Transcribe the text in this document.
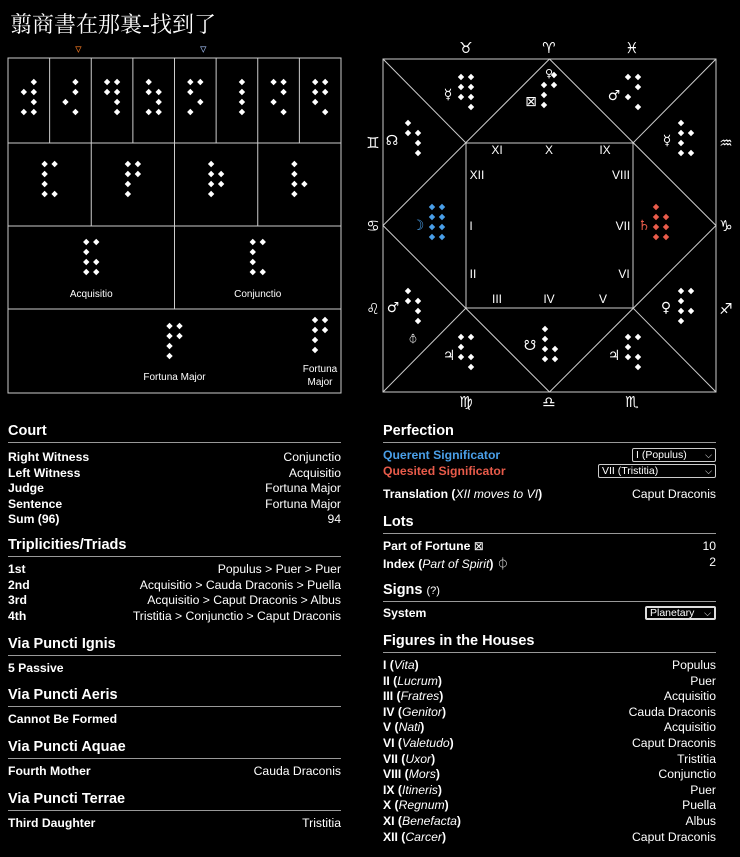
翦商書在那裏-找到了
▿	▿
Acquisitio	Conjunctio
Fortuna Major
Fortuna
Major
♉	♈	♓
♍	♎	♏
♊
♋
♌
♒
♑
♐
I
II
III	IV	V
VI
VII
VIII
IX
X
XI
XII
☽
♂
⦽
♃
☋
♃
♀
♄
☿
♂
⊠
♀
☿
☊
Court
Right Witness	Conjunctio
Left Witness	Acquisitio
Judge	Fortuna Major
Sentence	Fortuna Major
Sum (96)	94
Triplicities/Triads
1st	Populus > Puer > Puer
2nd	Acquisitio > Cauda Draconis > Puella
3rd	Acquisitio > Caput Draconis > Albus
4th	Tristitia > Conjunctio > Caput Draconis
Via Puncti Ignis
5 Passive
Via Puncti Aeris
Cannot Be Formed
Via Puncti Aquae
Fourth Mother	Cauda Draconis
Via Puncti Terrae
Third Daughter	Tristitia
Perfection
Querent Significator	I (Populus) ⌵
Quesited Significator	VII (Tristitia)	⌵
Translation (XII moves to VI)	Caput Draconis
Lots
Part of Fortune ⊠	10
Index (Part of Spirit) ⏀	2
Signs (?)
System	Planetary ⌵
Figures in the Houses
I (Vita)	Populus
II (Lucrum)	Puer
III (Fratres)	Acquisitio
IV (Genitor)	Cauda Draconis
V (Nati)	Acquisitio
VI (Valetudo)	Caput Draconis
VII (Uxor)	Tristitia
VIII (Mors)	Conjunctio
IX (Itineris)	Puer
X (Regnum)	Puella
XI (Benefacta)	Albus
XII (Carcer)	Caput Draconis
